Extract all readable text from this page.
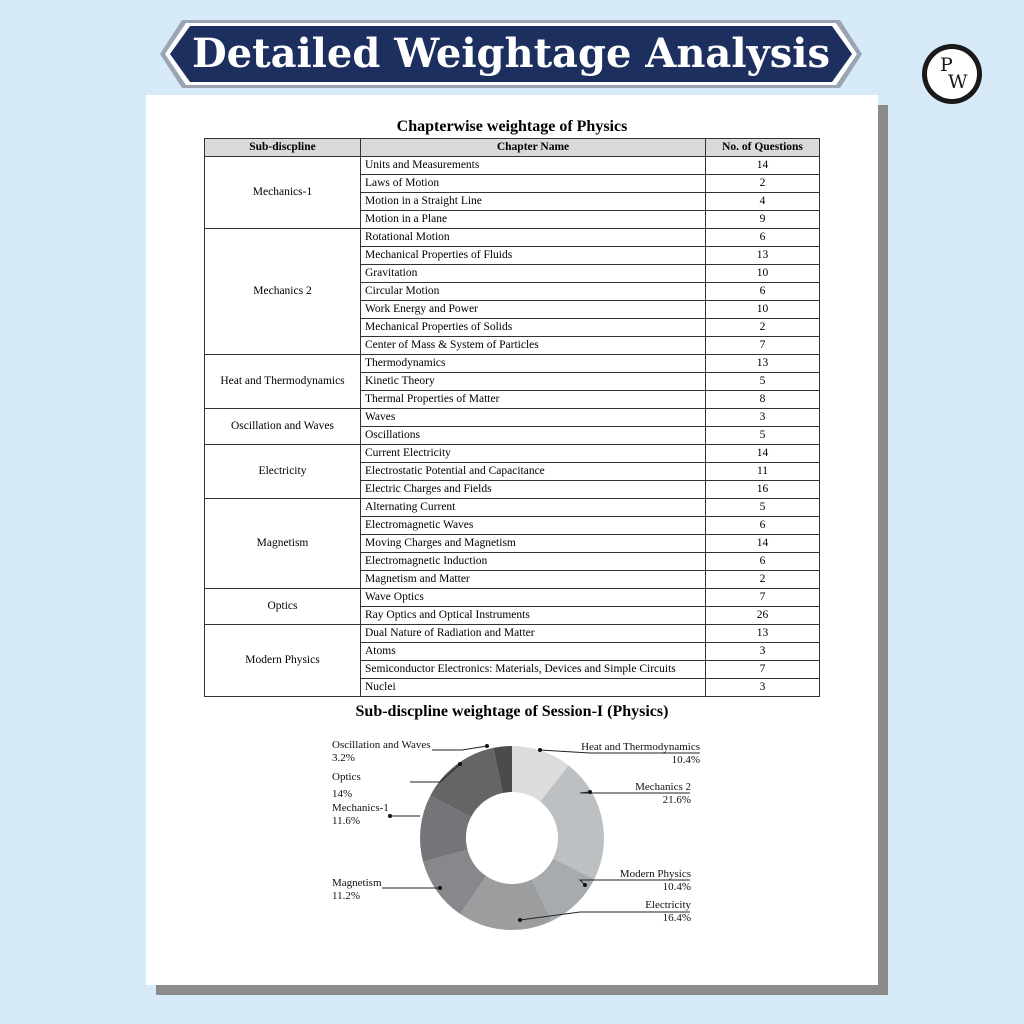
Detailed Weightage Analysis	P
W
Chapterwise weightage of Physics
Sub-discpline	Chapter Name	No. of Questions
Mechanics-1	Units and Measurements	14
	Laws of Motion	2
	Motion in a Straight Line	4
	Motion in a Plane	9
Mechanics 2	Rotational Motion	6
	Mechanical Properties of Fluids	13
	Gravitation	10
	Circular Motion	6
	Work Energy and Power	10
	Mechanical Properties of Solids	2
	Center of Mass & System of Particles	7
Heat and Thermodynamics	Thermodynamics	13
	Kinetic Theory	5
	Thermal Properties of Matter	8
Oscillation and Waves	Waves	3
	Oscillations	5
Electricity	Current Electricity	14
	Electrostatic Potential and Capacitance	11
	Electric Charges and Fields	16
Magnetism	Alternating Current	5
	Electromagnetic Waves	6
	Moving Charges and Magnetism	14
	Electromagnetic Induction	6
	Magnetism and Matter	2
Optics	Wave Optics	7
	Ray Optics and Optical Instruments	26
Modern Physics	Dual Nature of Radiation and Matter	13
	Atoms	3
	Semiconductor Electronics: Materials, Devices and Simple Circuits	7
	Nuclei	3
Sub-discpline weightage of Session-I (Physics)
Heat and Thermodynamics
10.4%
Mechanics 2
21.6%
Modern Physics
10.4%
Electricity
16.4%
Magnetism
11.2%
Mechanics-1
11.6%
Optics
14%
Oscillation and Waves
3.2%
